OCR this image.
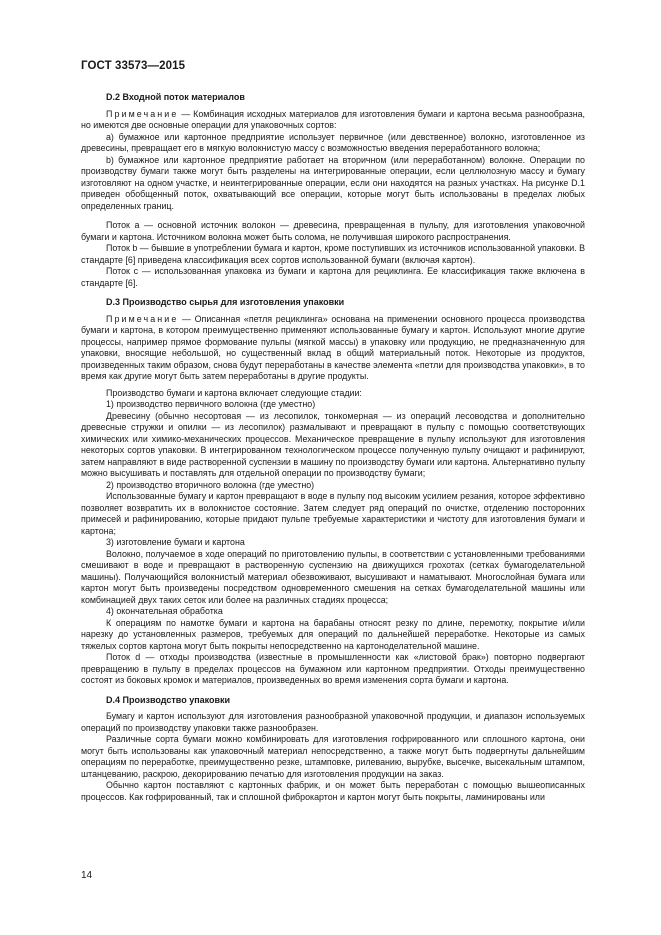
ГОСТ 33573—2015
D.2 Входной поток материалов

Примечание — Комбинация исходных материалов для изготовления бумаги и картона весьма разнообразна, но имеются две основные операции для упаковочных сортов:

а) бумажное или картонное предприятие использует первичное (или девственное) волокно, изготовленное из древесины, превращает его в мягкую волокнистую массу с возможностью введения переработанного волокна;

b) бумажное или картонное предприятие работает на вторичном (или переработанном) волокне. Операции по производству бумаги также могут быть разделены на интегрированные операции, если целлюлозную массу и бумагу изготовляют на одном участке, и неинтегрированные операции, если они находятся на разных участках. На рисунке D.1 приведен обобщенный поток, охватывающий все операции, которые могут быть использованы в пределах любых определенных границ.

Поток а — основной источник волокон — древесина, превращенная в пульпу, для изготовления упаковочной бумаги и картона. Источником волокна может быть солома, не получившая широкого распространения.

Поток b — бывшие в употреблении бумага и картон, кроме поступивших из источников использованной упаковки. В стандарте [6] приведена классификация всех сортов использованной бумаги (включая картон).

Поток с — использованная упаковка из бумаги и картона для рециклинга. Ее классификация также включена в стандарте [6].

D.3 Производство сырья для изготовления упаковки

Примечание — Описанная «петля рециклинга» основана на применении основного процесса производства бумаги и картона, в котором преимущественно применяют использованные бумагу и картон. Используют многие другие процессы, например прямое формование пульпы (мягкой массы) в упаковку или продукцию, не предназначенную для упаковки, вносящие небольшой, но существенный вклад в общий материальный поток. Некоторые из продуктов, произведенных таким образом, снова будут переработаны в качестве элемента «петли для производства упаковки», в то время как другие могут быть затем переработаны в другие продукты.

Производство бумаги и картона включает следующие стадии:

1) производство первичного волокна (где уместно)

Древесину (обычно несортовая — из лесопилок, тонкомерная — из операций лесоводства и дополнительно древесные стружки и опилки — из лесопилок) размалывают и превращают в пульпу с помощью соответствующих химических или химико-механических процессов. Механическое превращение в пульпу используют для изготовления некоторых сортов упаковки. В интегрированном технологическом процессе полученную пульпу очищают и рафинируют, затем направляют в виде растворенной суспензии в машину по производству бумаги или картона. Альтернативно пульпу можно высушивать и поставлять для отдельной операции по производству бумаги;

2) производство вторичного волокна (где уместно)

Использованные бумагу и картон превращают в воде в пульпу под высоким усилием резания, которое эффективно позволяет возвратить их в волокнистое состояние. Затем следует ряд операций по очистке, отделению посторонних примесей и рафинированию, которые придают пульпе требуемые характеристики и чистоту для изготовления бумаги и картона;

3) изготовление бумаги и картона

Волокно, получаемое в ходе операций по приготовлению пульпы, в соответствии с установленными требованиями смешивают в воде и превращают в растворенную суспензию на движущихся грохотах (сетках бумагоделательной машины). Получающийся волокнистый материал обезвоживают, высушивают и наматывают. Многослойная бумага или картон могут быть произведены посредством одновременного смешения на сетках бумагоделательной машины или комбинацией двух таких сеток или более на различных стадиях процесса;

4) окончательная обработка

К операциям по намотке бумаги и картона на барабаны относят резку по длине, перемотку, покрытие и/или нарезку до установленных размеров, требуемых для операций по дальнейшей переработке. Некоторые из самых тяжелых сортов картона могут быть покрыты непосредственно на картоноделательной машине.

Поток d — отходы производства (известные в промышленности как «листовой брак») повторно подвергают превращению в пульпу в пределах процессов на бумажном или картонном предприятии. Отходы преимущественно состоят из боковых кромок и материалов, произведенных во время изменения сорта бумаги и картона.

D.4 Производство упаковки

Бумагу и картон используют для изготовления разнообразной упаковочной продукции, и диапазон используемых операций по производству упаковки также разнообразен.

Различные сорта бумаги можно комбинировать для изготовления гофрированного или сплошного картона, они могут быть использованы как упаковочный материал непосредственно, а также могут быть подвергнуты дальнейшим операциям по переработке, преимущественно резке, штамповке, рилеванию, вырубке, высечке, высекальным штампом, штанцеванию, раскрою, декорированию печатью для изготовления продукции на заказ.

Обычно картон поставляют с картонных фабрик, и он может быть переработан с помощью вышеописанных процессов. Как гофрированный, так и сплошной фиброкартон и картон могут быть покрыты, ламинированы или

14
